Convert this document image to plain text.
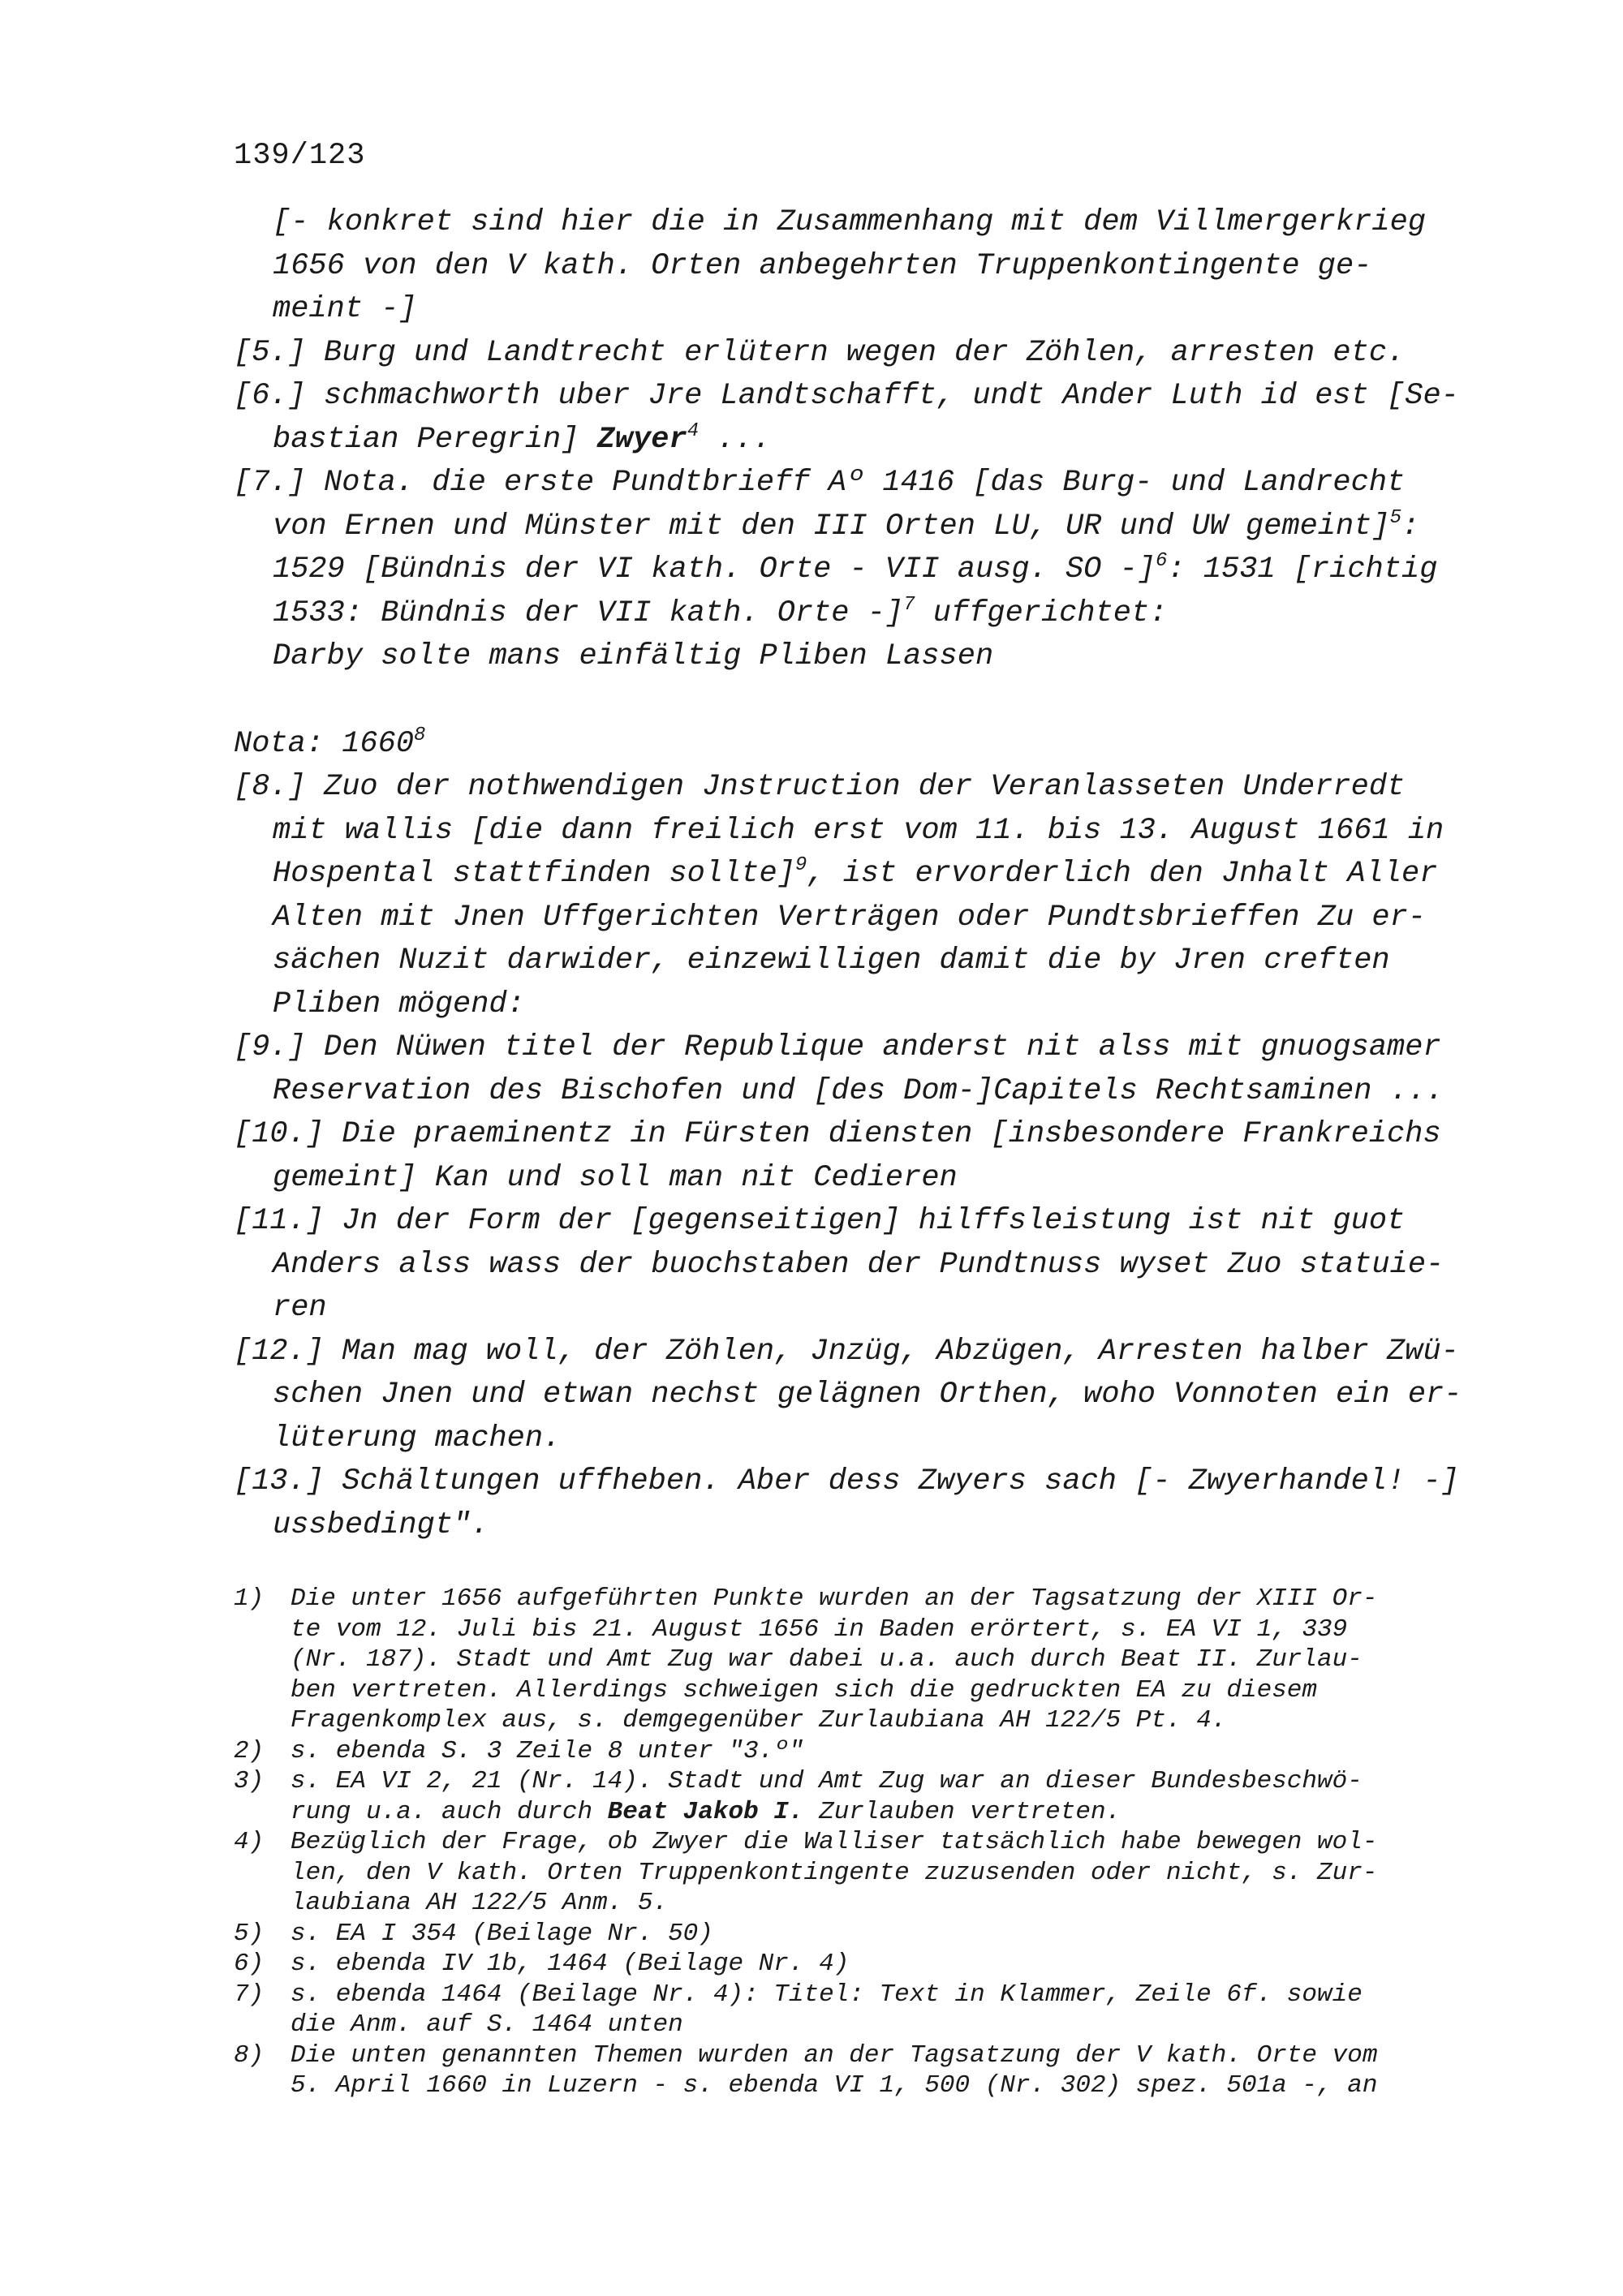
139/123
[- konkret sind hier die in Zusammenhang mit dem Villmergerkrieg
1656 von den V kath. Orten anbegehrten Truppenkontingente ge-
meint -]
[5.] Burg und Landtrecht erlütern wegen der Zöhlen, arresten etc.
[6.] schmachworth uber Jre Landtschafft, undt Ander Luth id est [Se-
bastian Peregrin] Zwyer$^4$ ...
[7.] Nota. die erste Pundtbrieff Aº 1416 [das Burg- und Landrecht
von Ernen und Münster mit den III Orten LU, UR und UW gemeint]$^5$:
1529 [Bündnis der VI kath. Orte - VII ausg. SO -]$^6$: 1531 [richtig
1533: Bündnis der VII kath. Orte -]$^7$ uffgerichtet:
Darby solte mans einfältig Pliben Lassen
Nota: 1660$^8$
[8.] Zuo der nothwendigen Jnstruction der Veranlasseten Underredt
mit wallis [die dann freilich erst vom 11. bis 13. August 1661 in
Hospental stattfinden sollte]$^9$, ist ervorderlich den Jnhalt Aller
Alten mit Jnen Uffgerichten Verträgen oder Pundtsbrieffen Zu er-
sächen Nuzit darwider, einzewilligen damit die by Jren creften
Pliben mögend:
[9.] Den Nüwen titel der Republique anderst nit alss mit gnuogsamer
Reservation des Bischofen und [des Dom-]Capitels Rechtsaminen ...
[10.] Die praeminentz in Fürsten diensten [insbesondere Frankreichs
gemeint] Kan und soll man nit Cedieren
[11.] Jn der Form der [gegenseitigen] hilffsleistung ist nit guot
Anders alss wass der buochstaben der Pundtnuss wyset Zuo statuie-
ren
[12.] Man mag woll, der Zöhlen, Jnzüg, Abzügen, Arresten halber Zwü-
schen Jnen und etwan nechst gelägnen Orthen, woho Vonnoten ein er-
lüterung machen.
[13.] Schältungen uffheben. Aber dess Zwyers sach [- Zwyerhandel! -]
ussbedingt".
1) Die unter 1656 aufgeführten Punkte wurden an der Tagsatzung der XIII Or-
te vom 12. Juli bis 21. August 1656 in Baden erörtert, s. EA VI 1, 339
(Nr. 187). Stadt und Amt Zug war dabei u.a. auch durch Beat II. Zurlau-
ben vertreten. Allerdings schweigen sich die gedruckten EA zu diesem
Fragenkomplex aus, s. demgegenüber Zurlaubiana AH 122/5 Pt. 4.
2) s. ebenda S. 3 Zeile 8 unter "3.º"
3) s. EA VI 2, 21 (Nr. 14). Stadt und Amt Zug war an dieser Bundesbeschwö-
rung u.a. auch durch Beat Jakob I. Zurlauben vertreten.
4) Bezüglich der Frage, ob Zwyer die Walliser tatsächlich habe bewegen wol-
len, den V kath. Orten Truppenkontingente zuzusenden oder nicht, s. Zur-
laubiana AH 122/5 Anm. 5.
5) s. EA I 354 (Beilage Nr. 50)
6) s. ebenda IV 1b, 1464 (Beilage Nr. 4)
7) s. ebenda 1464 (Beilage Nr. 4): Titel: Text in Klammer, Zeile 6f. sowie
die Anm. auf S. 1464 unten
8) Die unten genannten Themen wurden an der Tagsatzung der V kath. Orte vom
5. April 1660 in Luzern - s. ebenda VI 1, 500 (Nr. 302) spez. 501a -, an
